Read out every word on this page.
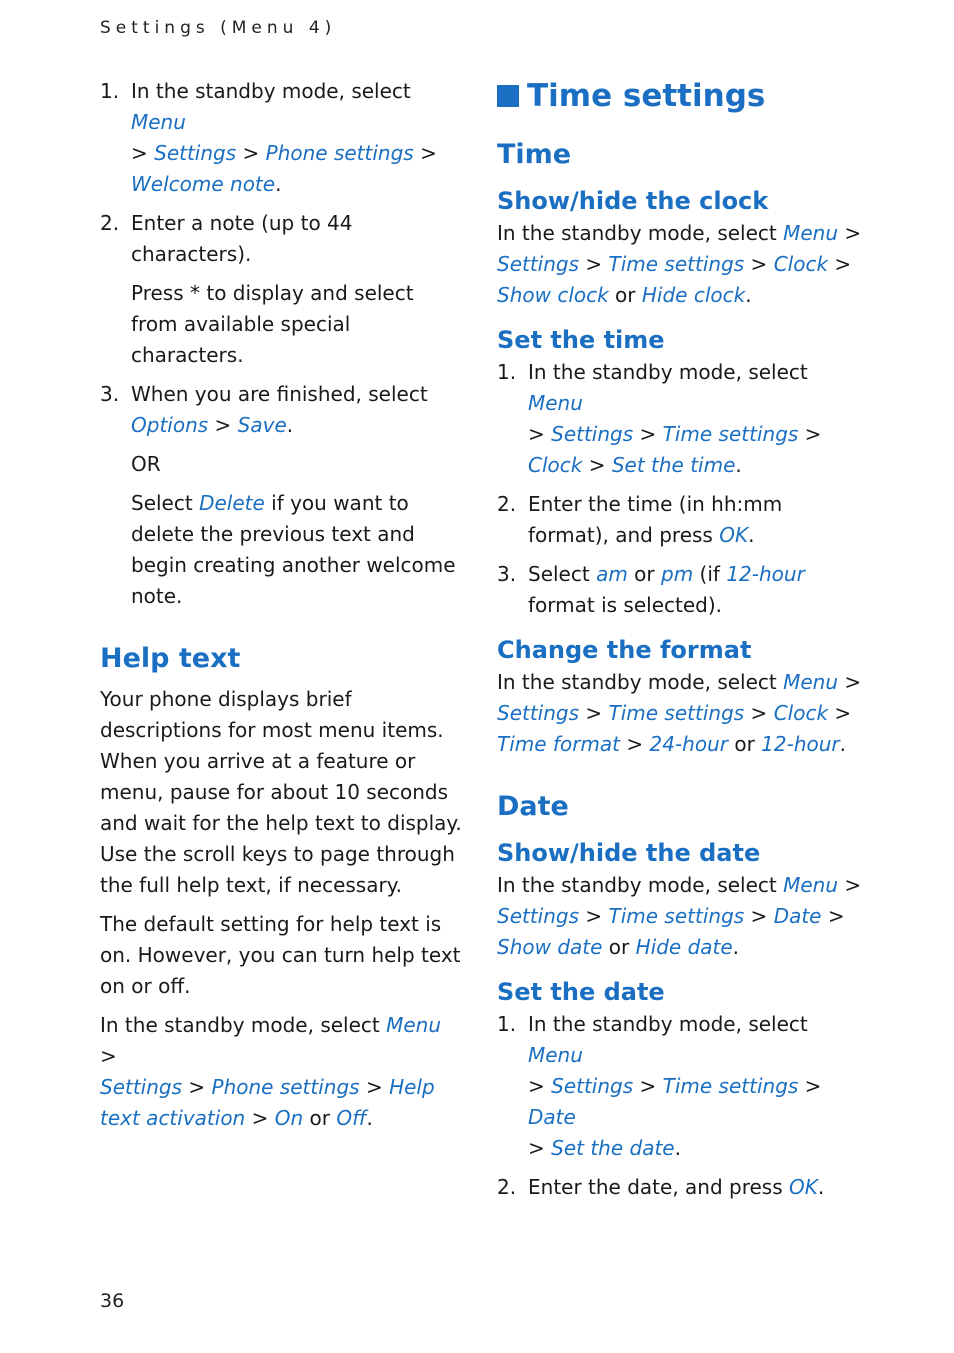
Settings (Menu 4)
1. In the standby mode, select Menu
> Settings > Phone settings >
Welcome note.
2. Enter a note (up to 44 characters).

Press * to display and select from available special characters.

3. When you are finished, select
Options > Save.

OR

Select Delete if you want to delete the previous text and begin creating another welcome note.

Help text

Your phone displays brief descriptions for most menu items. When you arrive at a feature or menu, pause for about 10 seconds and wait for the help text to display. Use the scroll keys to page through the full help text, if necessary.

The default setting for help text is on. However, you can turn help text on or off.

In the standby mode, select Menu >
Settings > Phone settings > Help text activation > On or Off.

Time settings
Time
Show/hide the clock

In the standby mode, select Menu >
Settings > Time settings > Clock >
Show clock or Hide clock.

Set the time
1. In the standby mode, select Menu
> Settings > Time settings >
Clock > Set the time.
2. Enter the time (in hh:mm format), and press OK.
3. Select am or pm (if 12-hour format is selected).
Change the format

In the standby mode, select Menu >
Settings > Time settings > Clock >
Time format > 24-hour or 12-hour.

Date
Show/hide the date

In the standby mode, select Menu >
Settings > Time settings > Date >
Show date or Hide date.

Set the date
1. In the standby mode, select Menu
> Settings > Time settings > Date
> Set the date.
2. Enter the date, and press OK.
36
